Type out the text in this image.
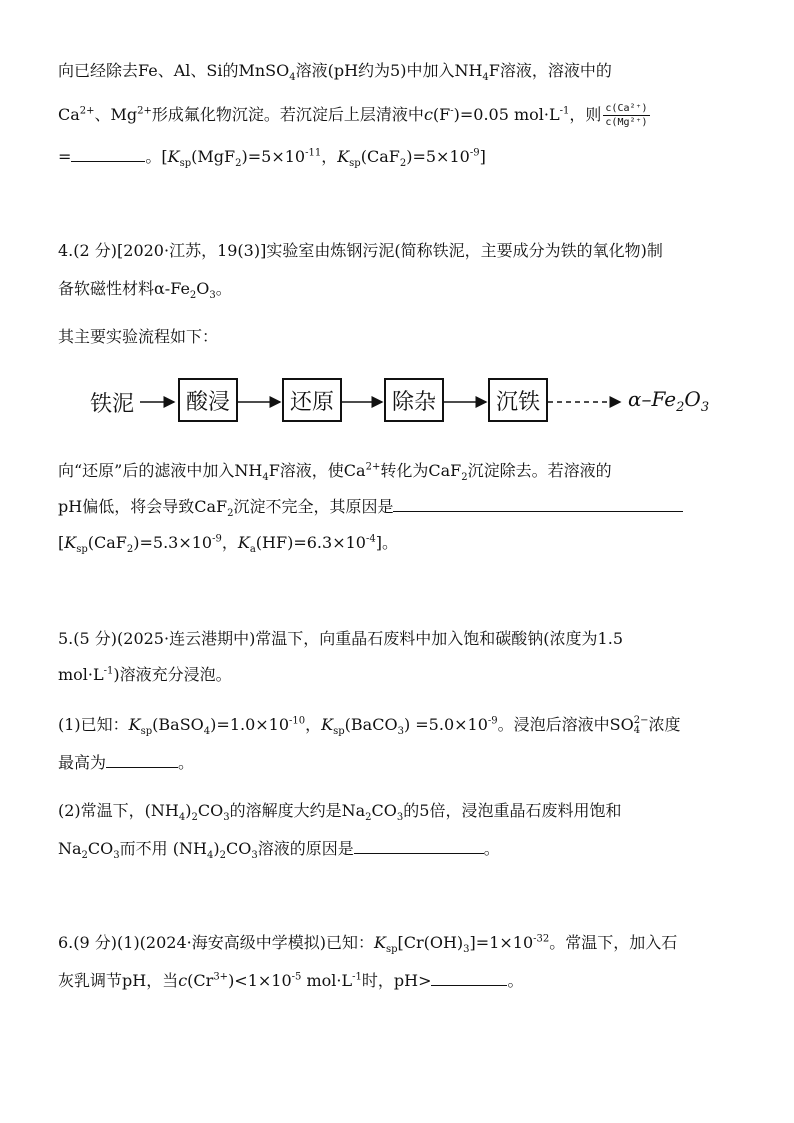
向已经除去Fe、Al、Si的MnSO$_4$溶液(pH约为5)中加入$NH_4F$溶液，溶液中的
$Ca^{2+}$、$Mg^{2+}$形成氟化物沉淀。若沉淀后上层清液中c(F-)=0.05 $mol\cdot L^{-1}$，则 $\frac{\text{c(Ca²⁺)}}{\text{c(Mg²⁺)}}$
=	。[$K_{sp}(MgF_2)=5\times 10^{-11}$，$K_{sp}(CaF_2)=5\times 10^{-9}$]
4.(2 分)[2020·江苏，19(3)]实验室由炼钢污泥(简称铁泥，主要成分为铁的氧化物)制
备软磁性材料$\alpha-Fe_2O_3$。
其主要实验流程如下：
铁泥 酸浸	还原	除杂	沉铁	$\alpha-Fe_2O_3$
向“还原”后的滤液中加入$NH_4F$溶液，使$Ca^{2+}$转化为CaF$_2$沉淀除去。若溶液的
pH偏低，将会导致CaF$_2$沉淀不完全，其原因是
[$K_{sp}(CaF_2)=5.3\times 10^{-9}$，$K_a(HF)=6.3\times 10^{-4}$]。
5.(5 分)(2025·连云港期中)常温下，向重晶石废料中加入饱和碳酸钠(浓度为1.5
$mol\cdot L^{-1}$)溶液充分浸泡。
(1)已知：$K_{sp}(BaSO_4)=1.0\times 10^{-10}$，$K_{sp}(BaCO_3) =5.0\times 10^{-9}$。浸泡后溶液中SO 2−
4 浓度
最高为	。
(2)常温下，$(NH_4)_2CO_3$的溶解度大约是$Na_2CO_3$的5倍，浸泡重晶石废料用饱和
$Na_2CO_3$而不用 $(NH_4)_2CO_3$溶液的原因是	。
6.(9 分)(1)(2024·海安高级中学模拟)已知：$K_{sp}[Cr(OH)_3]=1\times 10^{-32}$。常温下，加入石
灰乳调节pH，当$c(Cr^{3+})<1\times 10^{-5}$ $mol\cdot L^{-1}$时，pH>	。
